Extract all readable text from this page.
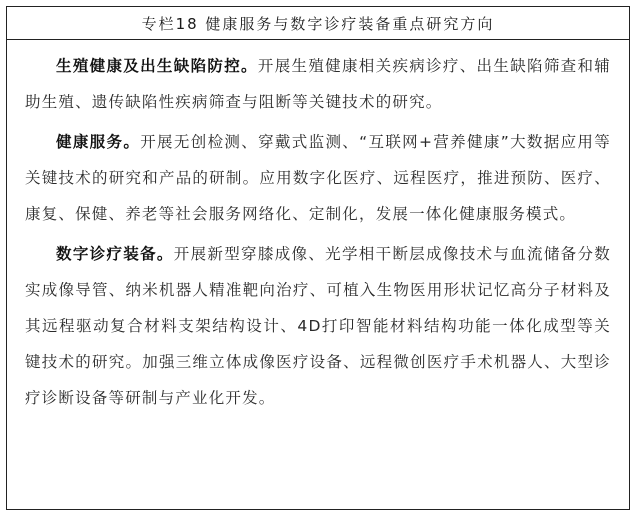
专栏18 健康服务与数字诊疗装备重点研究方向

生殖健康及出生缺陷防控。开展生殖健康相关疾病诊疗、出生缺陷筛查和辅助生殖、遗传缺陷性疾病筛查与阻断等关键技术的研究。

健康服务。开展无创检测、穿戴式监测、“互联网+营养健康”大数据应用等关键技术的研究和产品的研制。应用数字化医疗、远程医疗，推进预防、医疗、康复、保健、养老等社会服务网络化、定制化，发展一体化健康服务模式。

数字诊疗装备。开展新型穿膝成像、光学相干断层成像技术与血流储备分数实成像导管、纳米机器人精准靶向治疗、可植入生物医用形状记忆高分子材料及其远程驱动复合材料支架结构设计、4D打印智能材料结构功能一体化成型等关键技术的研究。加强三维立体成像医疗设备、远程微创医疗手术机器人、大型诊疗诊断设备等研制与产业化开发。
